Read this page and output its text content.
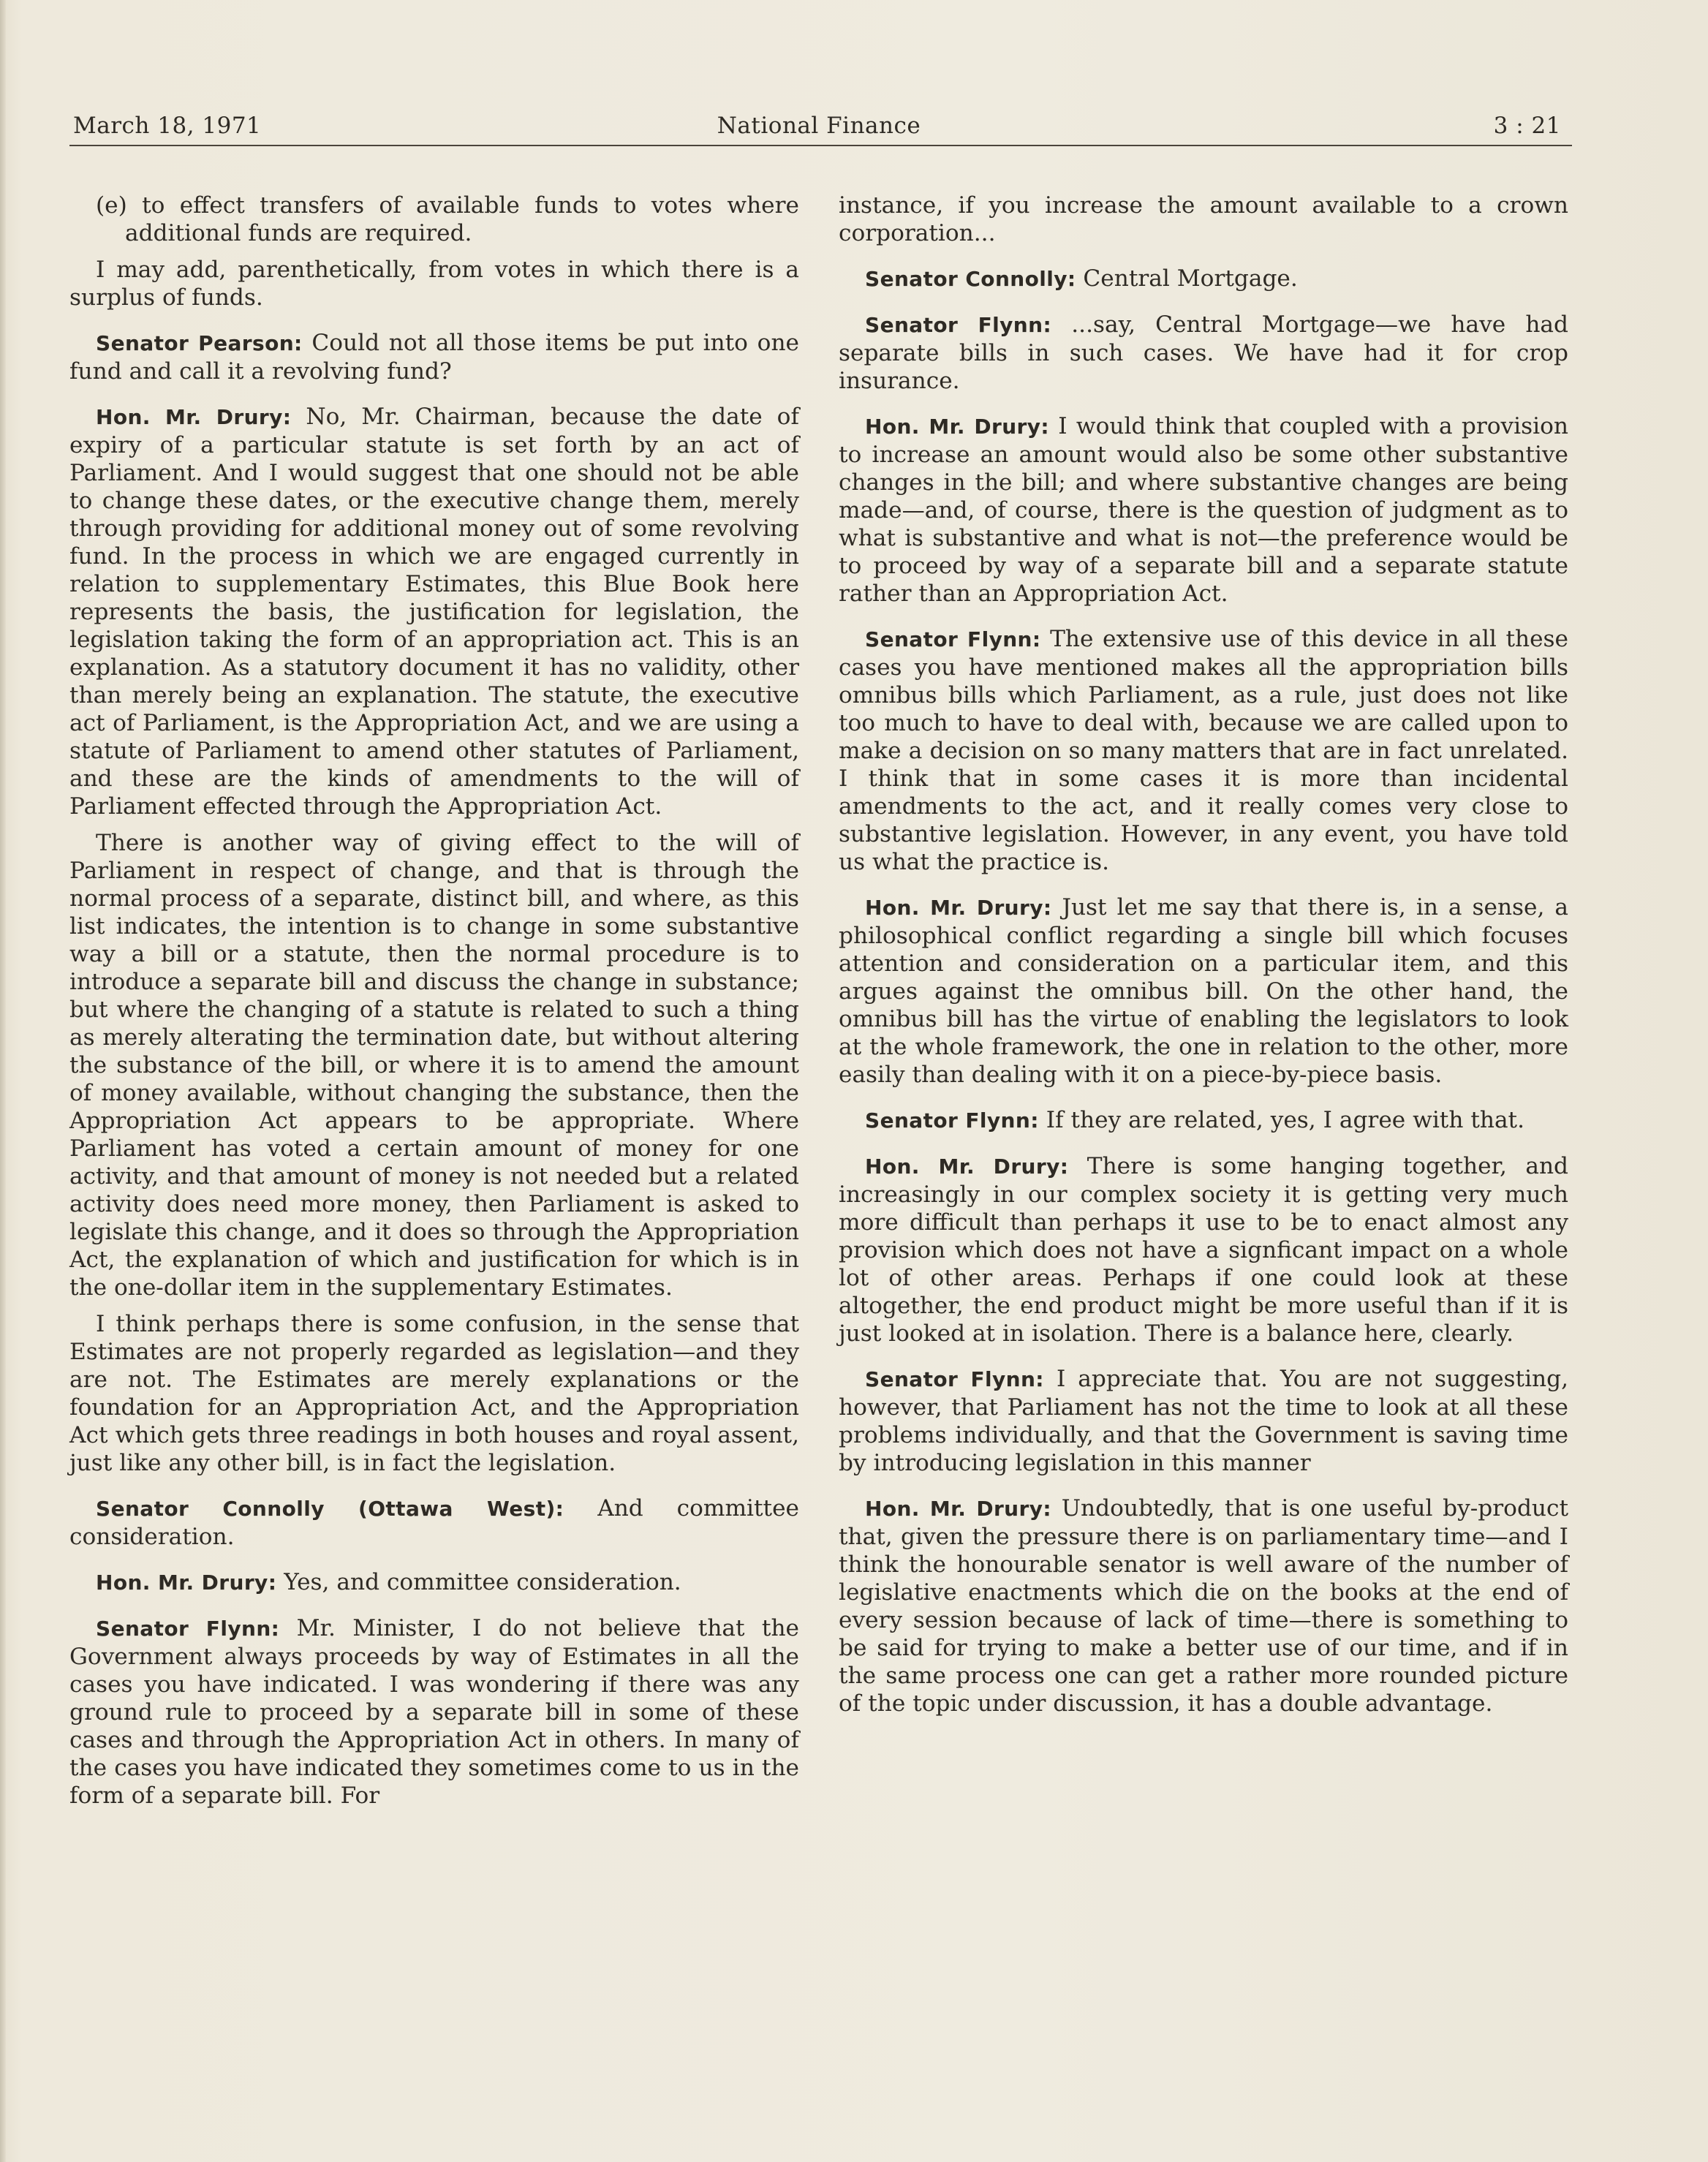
March 18, 1971	National Finance	3 : 21

(e) to effect transfers of available funds to votes where additional funds are required.

I may add, parenthetically, from votes in which there is a surplus of funds.

Senator Pearson: Could not all those items be put into one fund and call it a revolving fund?

Hon. Mr. Drury: No, Mr. Chairman, because the date of expiry of a particular statute is set forth by an act of Parliament. And I would suggest that one should not be able to change these dates, or the executive change them, merely through providing for additional money out of some revolving fund. In the process in which we are engaged currently in relation to supplementary Estimates, this Blue Book here represents the basis, the justification for legislation, the legislation taking the form of an appropriation act. This is an explanation. As a statutory document it has no validity, other than merely being an explanation. The statute, the executive act of Parliament, is the Appropriation Act, and we are using a statute of Parliament to amend other statutes of Parliament, and these are the kinds of amendments to the will of Parliament effected through the Appropriation Act.

There is another way of giving effect to the will of Parliament in respect of change, and that is through the normal process of a separate, distinct bill, and where, as this list indicates, the intention is to change in some substantive way a bill or a statute, then the normal procedure is to introduce a separate bill and discuss the change in substance; but where the changing of a statute is related to such a thing as merely alterating the termination date, but without altering the substance of the bill, or where it is to amend the amount of money available, without changing the substance, then the Appropriation Act appears to be appropriate. Where Parliament has voted a certain amount of money for one activity, and that amount of money is not needed but a related activity does need more money, then Parliament is asked to legislate this change, and it does so through the Appropriation Act, the explanation of which and justification for which is in the one-dollar item in the supplementary Estimates.

I think perhaps there is some confusion, in the sense that Estimates are not properly regarded as legislation—and they are not. The Estimates are merely explanations or the foundation for an Appropriation Act, and the Appropriation Act which gets three readings in both houses and royal assent, just like any other bill, is in fact the legislation.

Senator Connolly (Ottawa West): And committee consideration.

Hon. Mr. Drury: Yes, and committee consideration.

Senator Flynn: Mr. Minister, I do not believe that the Government always proceeds by way of Estimates in all the cases you have indicated. I was wondering if there was any ground rule to proceed by a separate bill in some of these cases and through the Appropriation Act in others. In many of the cases you have indicated they sometimes come to us in the form of a separate bill. For

instance, if you increase the amount available to a crown corporation...

Senator Connolly: Central Mortgage.

Senator Flynn: ...say, Central Mortgage—we have had separate bills in such cases. We have had it for crop insurance.

Hon. Mr. Drury: I would think that coupled with a provision to increase an amount would also be some other substantive changes in the bill; and where substantive changes are being made—and, of course, there is the question of judgment as to what is substantive and what is not—the preference would be to proceed by way of a separate bill and a separate statute rather than an Appropriation Act.

Senator Flynn: The extensive use of this device in all these cases you have mentioned makes all the appropriation bills omnibus bills which Parliament, as a rule, just does not like too much to have to deal with, because we are called upon to make a decision on so many matters that are in fact unrelated. I think that in some cases it is more than incidental amendments to the act, and it really comes very close to substantive legislation. However, in any event, you have told us what the practice is.

Hon. Mr. Drury: Just let me say that there is, in a sense, a philosophical conflict regarding a single bill which focuses attention and consideration on a particular item, and this argues against the omnibus bill. On the other hand, the omnibus bill has the virtue of enabling the legislators to look at the whole framework, the one in relation to the other, more easily than dealing with it on a piece-by-piece basis.

Senator Flynn: If they are related, yes, I agree with that.

Hon. Mr. Drury: There is some hanging together, and increasingly in our complex society it is getting very much more difficult than perhaps it use to be to enact almost any provision which does not have a signficant impact on a whole lot of other areas. Perhaps if one could look at these altogether, the end product might be more useful than if it is just looked at in isolation. There is a balance here, clearly.

Senator Flynn: I appreciate that. You are not suggesting, however, that Parliament has not the time to look at all these problems individually, and that the Government is saving time by introducing legislation in this manner

Hon. Mr. Drury: Undoubtedly, that is one useful by-product that, given the pressure there is on parliamentary time—and I think the honourable senator is well aware of the number of legislative enactments which die on the books at the end of every session because of lack of time—there is something to be said for trying to make a better use of our time, and if in the same process one can get a rather more rounded picture of the topic under discussion, it has a double advantage.
